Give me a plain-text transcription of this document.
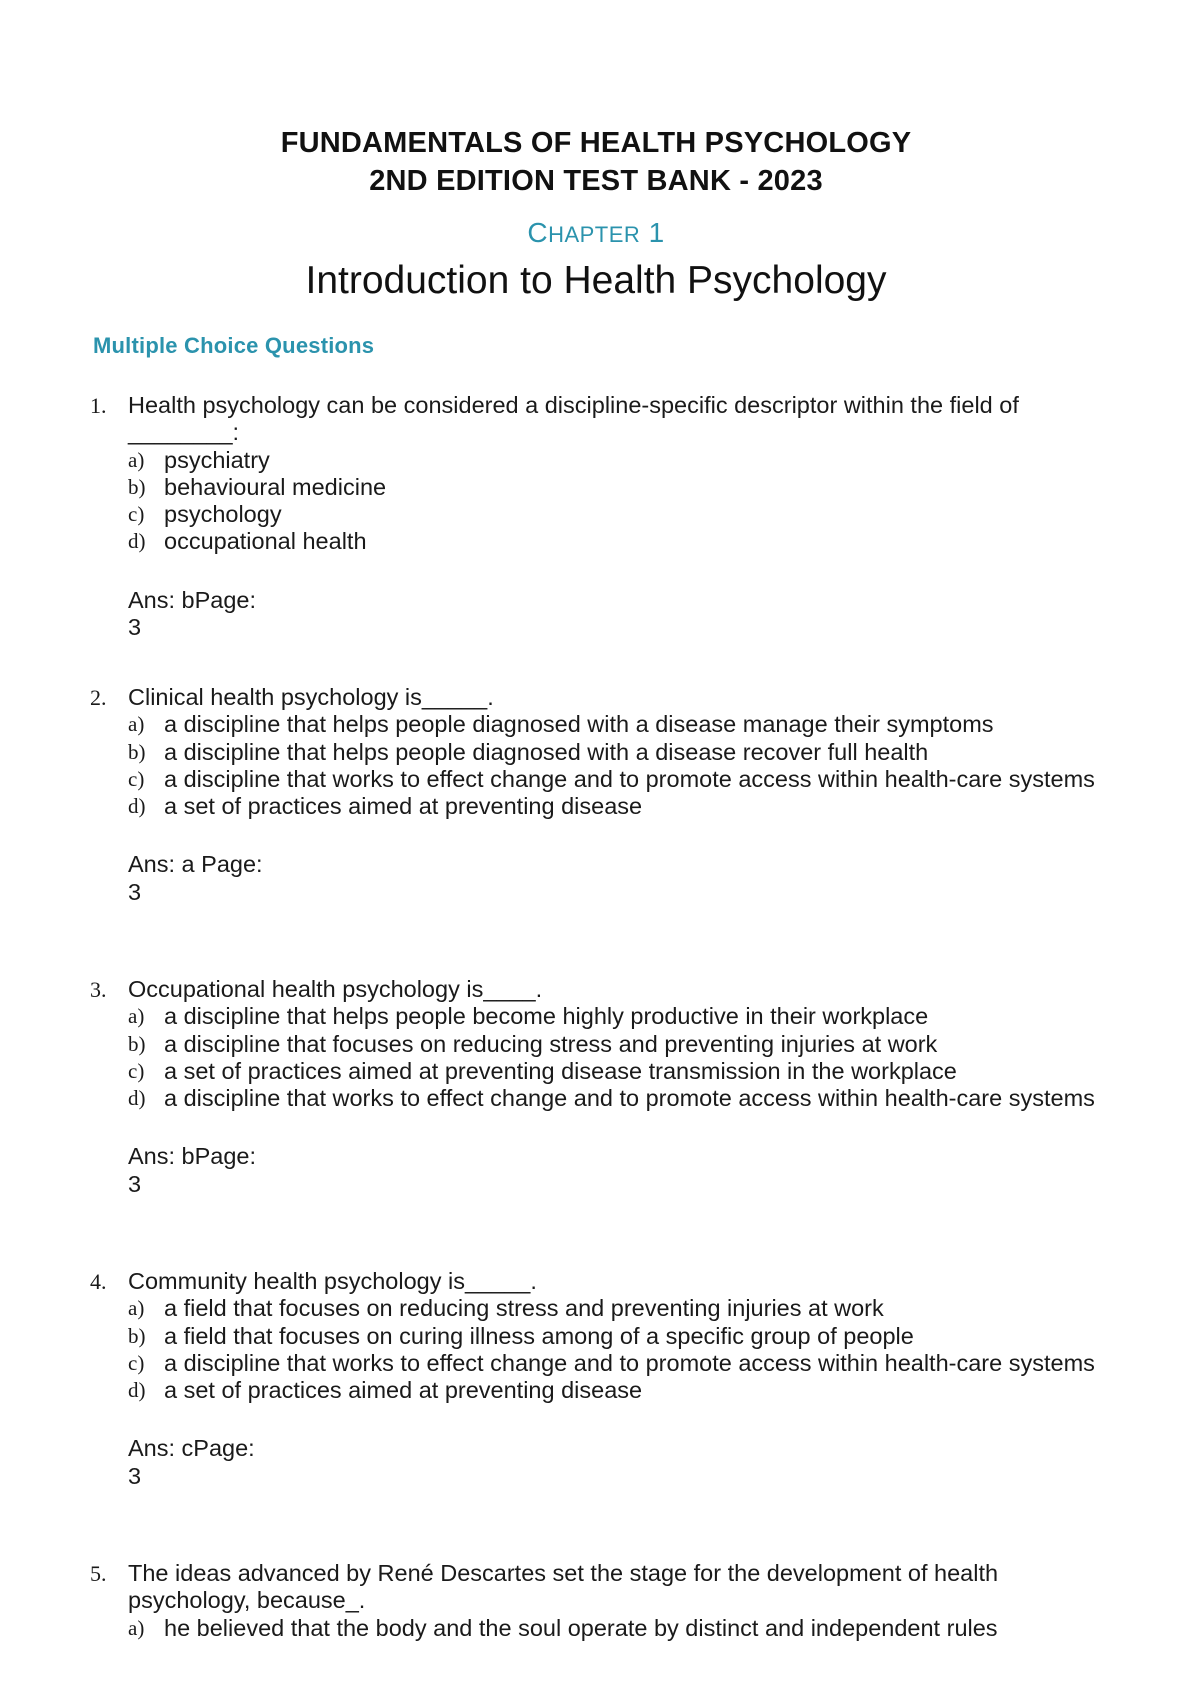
FUNDAMENTALS OF HEALTH PSYCHOLOGY
2ND EDITION TEST BANK - 2023
CHAPTER 1
Introduction to Health Psychology
Multiple Choice Questions
1. Health psychology can be considered a discipline-specific descriptor within the field of ________:

a) psychiatry
b) behavioural medicine
c) psychology
d) occupational health
Ans: bPage:
3
2. Clinical health psychology is_____.

a) a discipline that helps people diagnosed with a disease manage their symptoms
b) a discipline that helps people diagnosed with a disease recover full health
c) a discipline that works to effect change and to promote access within health-care systems
d) a set of practices aimed at preventing disease
Ans: a Page:
3
3. Occupational health psychology is____.

a) a discipline that helps people become highly productive in their workplace
b) a discipline that focuses on reducing stress and preventing injuries at work
c) a set of practices aimed at preventing disease transmission in the workplace
d) a discipline that works to effect change and to promote access within health-care systems
Ans: bPage:
3
4. Community health psychology is_____.

a) a field that focuses on reducing stress and preventing injuries at work
b) a field that focuses on curing illness among of a specific group of people
c) a discipline that works to effect change and to promote access within health-care systems
d) a set of practices aimed at preventing disease
Ans: cPage:
3
5. The ideas advanced by René Descartes set the stage for the development of health psychology, because_.

a) he believed that the body and the soul operate by distinct and independent rules
